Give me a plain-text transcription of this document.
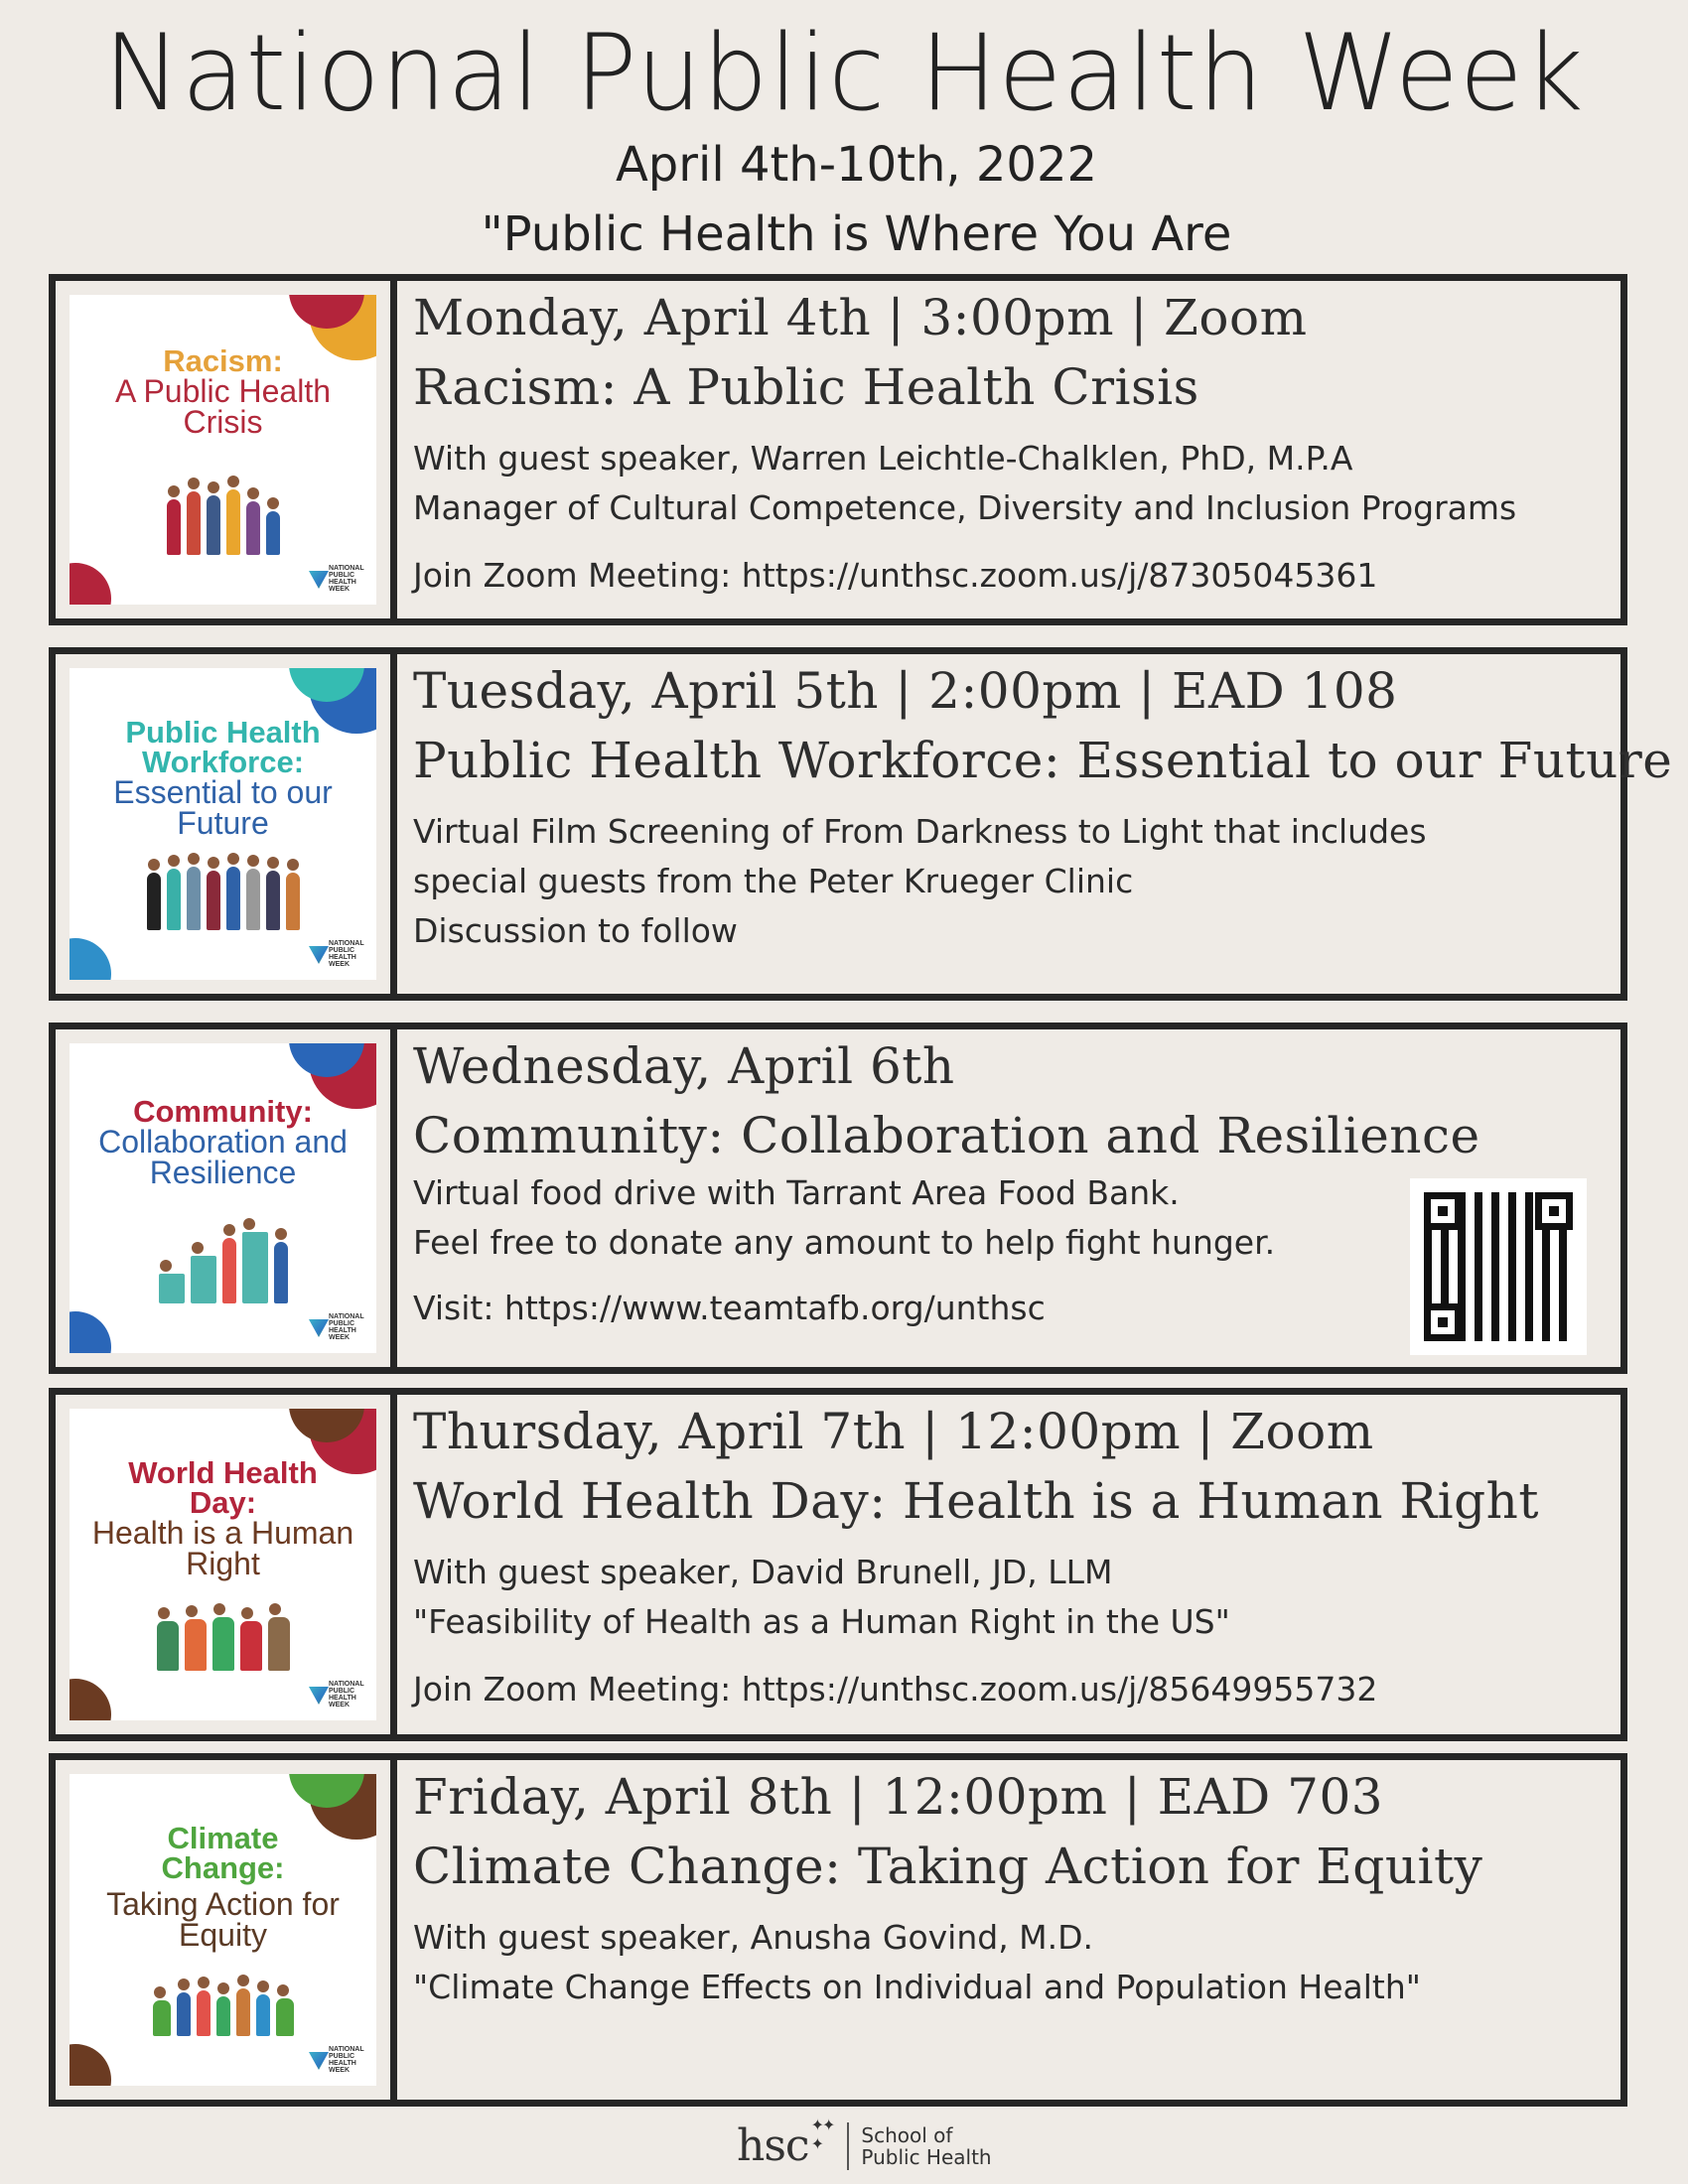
National Public Health Week
April 4th-10th, 2022
"Public Health is Where You Are
Racism:
A Public Health Crisis
NATIONAL PUBLIC HEALTH WEEK
Monday, April 4th | 3:00pm | Zoom
Racism: A Public Health Crisis
With guest speaker, Warren Leichtle-Chalklen, PhD, M.P.A
Manager of Cultural Competence, Diversity and Inclusion Programs
Join Zoom Meeting: https://unthsc.zoom.us/j/87305045361
Public Health Workforce:
Essential to our Future
NATIONAL PUBLIC HEALTH WEEK
Tuesday, April 5th | 2:00pm | EAD 108
Public Health Workforce: Essential to our Future
Virtual Film Screening of From Darkness to Light that includes
special guests from the Peter Krueger Clinic
Discussion to follow
Community:
Collaboration and Resilience
NATIONAL PUBLIC HEALTH WEEK
Wednesday, April 6th
Community: Collaboration and Resilience
Virtual food drive with Tarrant Area Food Bank.
Feel free to donate any amount to help fight hunger.
Visit: https://www.teamtafb.org/unthsc
World Health Day:
Health is a Human Right
NATIONAL PUBLIC HEALTH WEEK
Thursday, April 7th | 12:00pm | Zoom
World Health Day: Health is a Human Right
With guest speaker, David Brunell, JD, LLM
"Feasibility of Health as a Human Right in the US"
Join Zoom Meeting: https://unthsc.zoom.us/j/85649955732
Climate Change:
Taking Action for Equity
NATIONAL PUBLIC HEALTH WEEK
Friday, April 8th | 12:00pm | EAD 703
Climate Change: Taking Action for Equity
With guest speaker, Anusha Govind, M.D.
"Climate Change Effects on Individual and Population Health"
hsc ✦✦
✦	School of
Public Health
